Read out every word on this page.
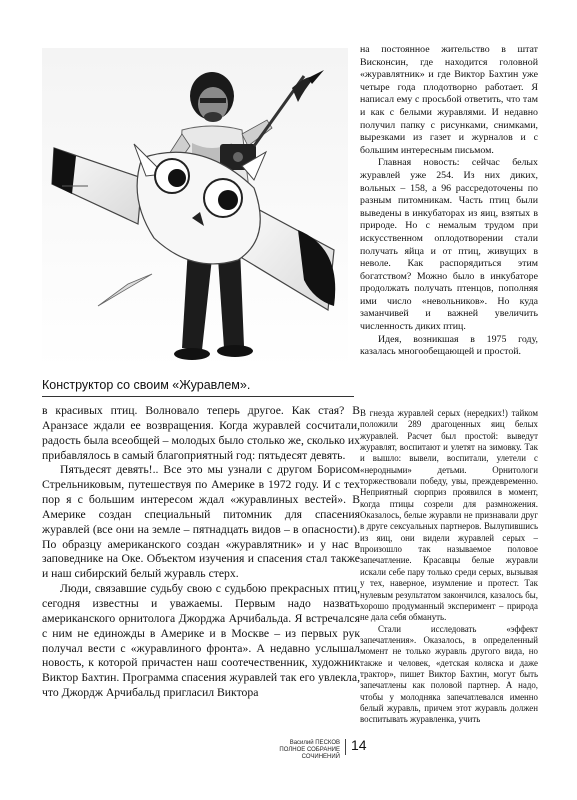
Конструктор со своим «Журавлем».

на постоянное жительство в штат Висконсин, где находится головной «журавлятник» и где Виктор Бахтин уже четыре года плодотворно работает. Я написал ему с просьбой ответить, что там и как с белыми журавлями. И недавно получил папку с рисунками, снимками, вырезками из газет и журналов и с большим интересным письмом.

Главная новость: сейчас белых журавлей уже 254. Из них диких, вольных – 158, а 96 рассредоточены по разным питомникам. Часть птиц были выведены в инкубаторах из яиц, взятых в природе. Но с немалым трудом при искусственном оплодотворении стали получать яйца и от птиц, живущих в неволе. Как распорядиться этим богатством? Можно было в инкубаторе продолжать получать птенцов, пополняя ими число «невольников». Но куда заманчивей и важней увеличить численность диких птиц.

Идея, возникшая в 1975 году, казалась многообещающей и простой.

в красивых птиц. Волновало теперь другое. Как стая? В Аранзасе ждали ее возвращения. Когда журавлей сосчитали, радость была всеобщей – молодых было столько же, сколько их прибавлялось в самый благоприятный год: пятьдесят девять.

Пятьдесят девять!.. Все это мы узнали с другом Борисом Стрельниковым, путешествуя по Америке в 1972 году. И с тех пор я с большим интересом ждал «журавлиных вестей». В Америке создан специальный питомник для спасения журавлей (все они на земле – пятнадцать видов – в опасности). По образцу американского создан «журавлятник» и у нас в заповеднике на Оке. Объектом изучения и спасения стал также и наш сибирский белый журавль стерх.

Люди, связавшие судьбу свою с судьбою прекрасных птиц, сегодня известны и уважаемы. Первым надо назвать американского орнитолога Джорджа Арчибальда. Я встречался с ним не единожды в Америке и в Москве – из первых рук получал вести с «журавлиного фронта». А недавно услышал новость, к которой причастен наш соотечественник, художник Виктор Бахтин. Программа спасения журавлей так его увлекла, что Джордж Арчибальд пригласил Виктора

В гнезда журавлей серых (нередких!) тайком положили 289 драгоценных яиц белых журавлей. Расчет был простой: выведут журавлят, воспитают и улетят на зимовку. Так и вышло: вывели, воспитали, улетели с «неродными» детьми. Орнитологи торжествовали победу, увы, преждевременно. Неприятный сюрприз проявился в момент, когда птицы созрели для размножения. Оказалось, белые журавли не признавали друг в друге сексуальных партнеров. Вылупившись из яиц, они видели журавлей серых – произошло так называемое половое запечатление. Красавцы белые журавли искали себе пару только среди серых, вызывая у тех, наверное, изумление и протест. Так нулевым результатом закончился, казалось бы, хорошо продуманный эксперимент – природа не дала себя обмануть.

Стали исследовать «эффект запечатления». Оказалось, в определенный момент не только журавль другого вида, но также и человек, «детская коляска и даже трактор», пишет Виктор Бахтин, могут быть запечатлены как половой партнер. А надо, чтобы у молодняка запечатлевался именно белый журавль, причем этот журавль должен воспитывать журавленка, учить

Василий ПЕСКОВ
ПОЛНОЕ СОБРАНИЕ СОЧИНЕНИЙ
14
